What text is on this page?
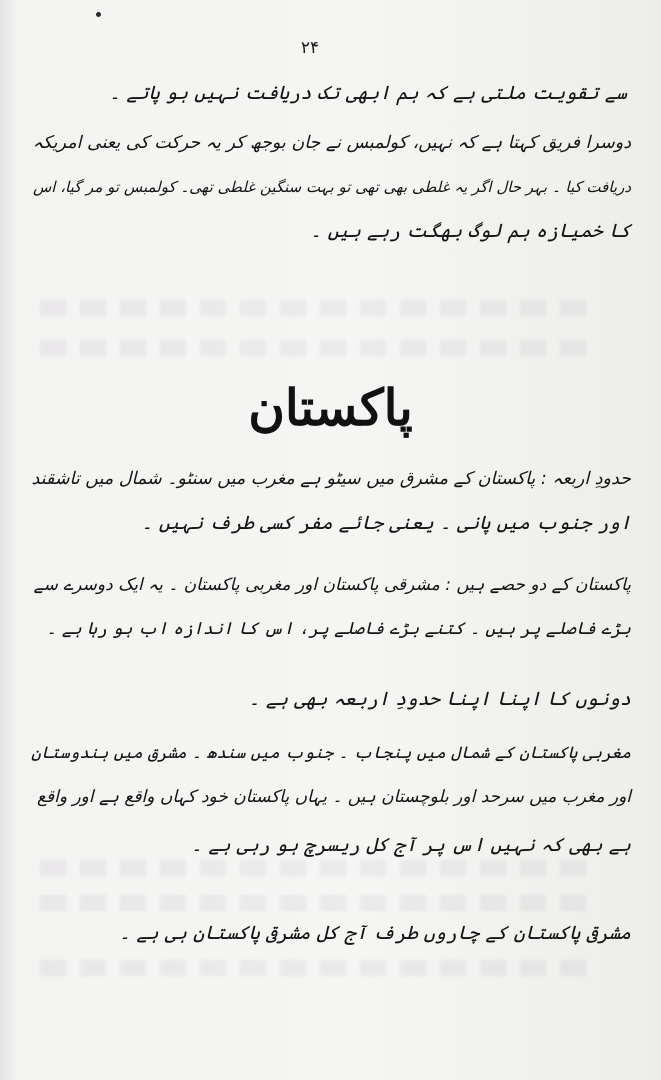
۲۴
سے تقویت ملتی ہے کہ ہم ابھی تک دریافت نہیں ہو پاتے ۔
دوسرا فریق کہتا ہے کہ نہیں، کولمبس نے جان بوجھ کر یہ حرکت کی یعنی امریکہ
دریافت کیا ۔ بہر حال اگر یہ غلطی بھی تھی تو بہت سنگین غلطی تھی۔ کولمبس تو مر گیا، اس
کا خمیازہ ہم لوگ بھگت رہے ہیں ۔
پاکستان
حدودِ اربعہ : پاکستان کے مشرق میں سیٹو ہے مغرب میں سنٹو۔ شمال میں تاشقند
اور جنوب میں پانی ۔ یعنی جائے مفر کسی طرف نہیں ۔
پاکستان کے دو حصے ہیں : مشرقی پاکستان اور مغربی پاکستان ۔ یہ ایک دوسرے سے
بڑے فاصلے پر ہیں ۔ کتنے بڑے فاصلے پر، اس کا اندازہ اب ہو رہا ہے ۔
دونوں کا اپنا اپنا حدودِ اربعہ بھی ہے ۔
مغربی پاکستان کے شمال میں پنجاب ۔ جنوب میں سندھ ۔ مشرق میں ہندوستان
اور مغرب میں سرحد اور بلوچستان ہیں ۔ یہاں پاکستان خود کہاں واقع ہے اور واقع
ہے بھی کہ نہیں اس پر آج کل ریسرچ ہو رہی ہے ۔
مشرقی پاکستان کے چاروں طرف آج کل مشرقی پاکستان ہی ہے ۔
